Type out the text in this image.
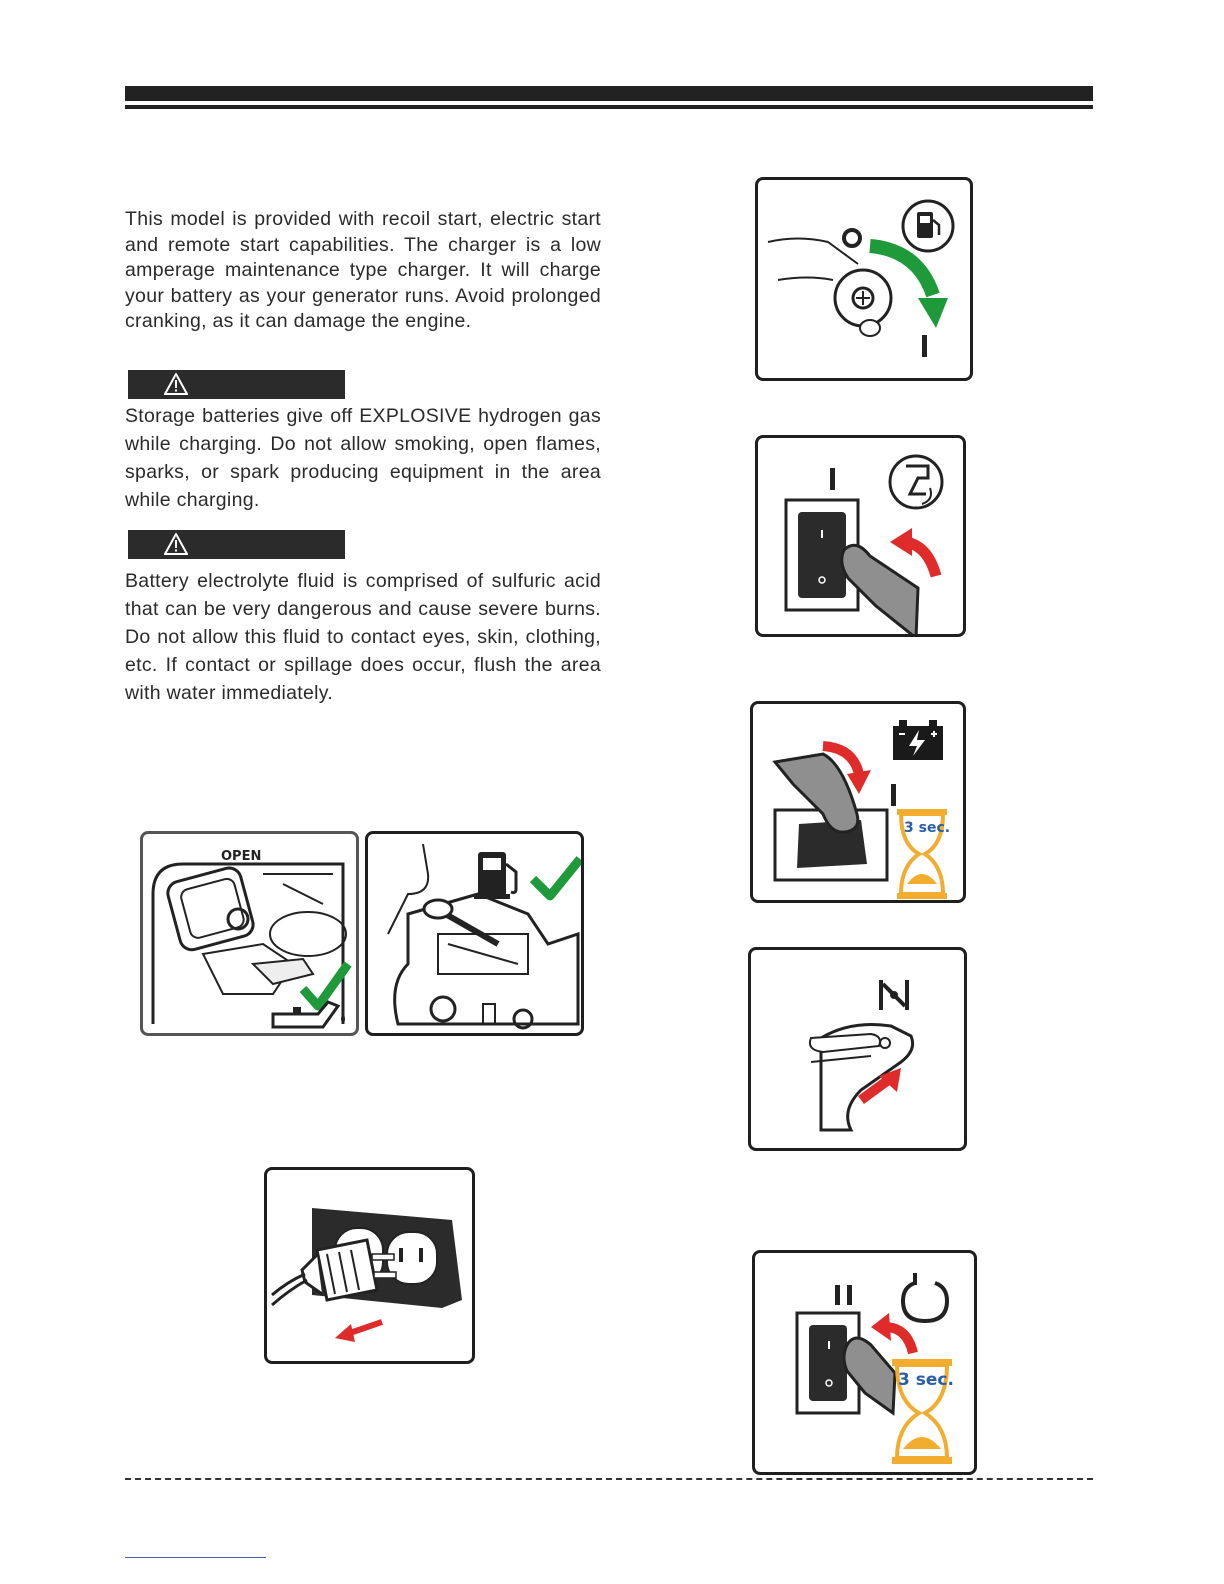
This model is provided with recoil start, electric start and remote start capabilities. The charger is a low amperage maintenance type charger. It will charge your battery as your generator runs. Avoid prolonged cranking, as it can damage the engine.
Storage batteries give off EXPLOSIVE hydrogen gas while charging. Do not allow smoking, open flames, sparks, or spark producing equipment in the area while charging.
Battery electrolyte fluid is comprised of sulfuric acid that can be very dangerous and cause severe burns. Do not allow this fluid to contact eyes, skin, clothing, etc. If contact or spillage does occur, flush the area with water immediately.
OPEN
3 sec.
3 sec.
